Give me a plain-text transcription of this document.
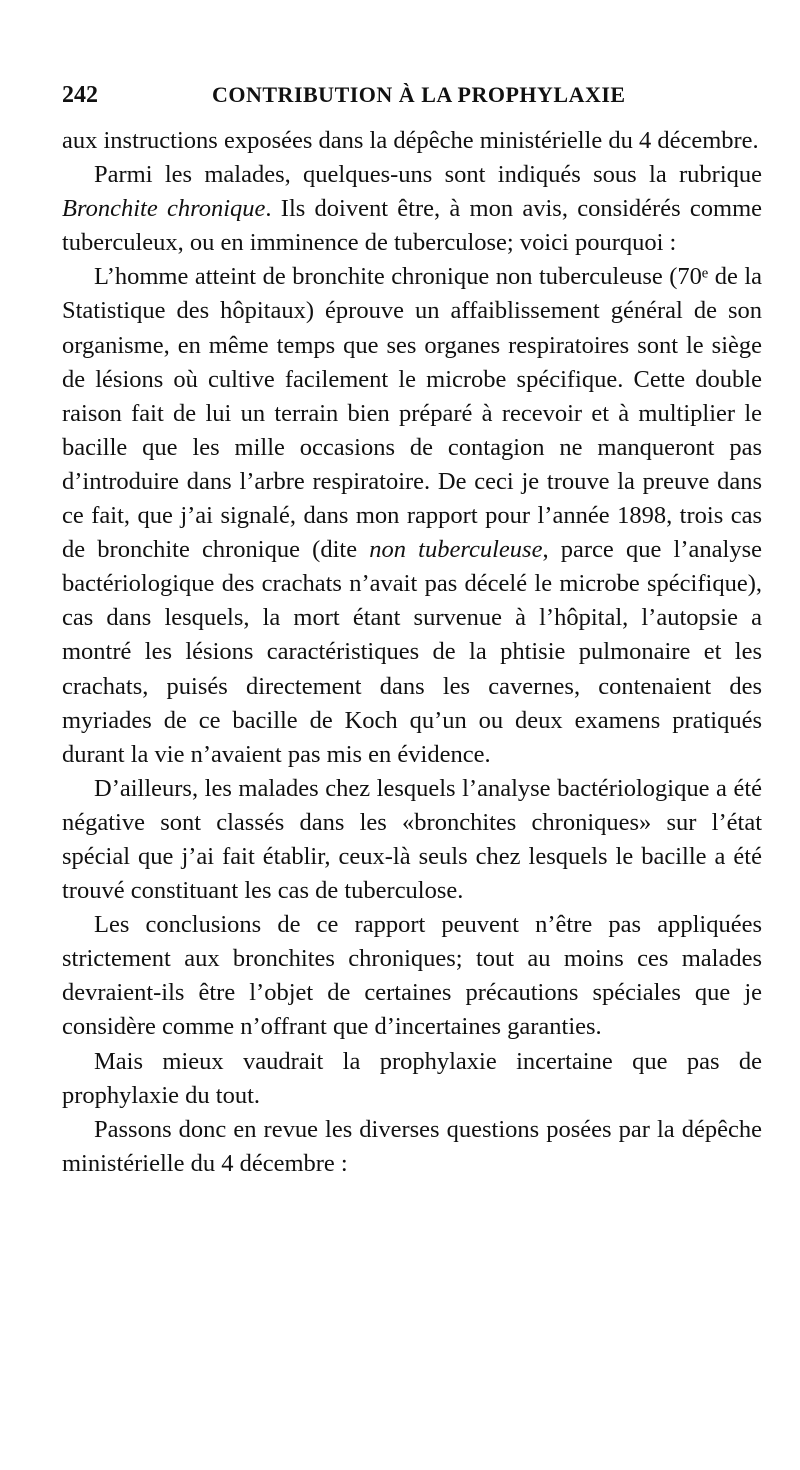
242	CONTRIBUTION À LA PROPHYLAXIE

aux instructions exposées dans la dépêche ministérielle du 4 décembre.

Parmi les malades, quelques-uns sont indiqués sous la rubrique Bronchite chronique. Ils doivent être, à mon avis, considérés comme tuberculeux, ou en imminence de tuberculose; voici pourquoi :

L’homme atteint de bronchite chronique non tuberculeuse (70ᵉ de la Statistique des hôpitaux) éprouve un affaiblissement général de son organisme, en même temps que ses organes respiratoires sont le siège de lésions où cultive facilement le microbe spécifique. Cette double raison fait de lui un terrain bien préparé à recevoir et à multiplier le bacille que les mille occasions de contagion ne manqueront pas d’introduire dans l’arbre respiratoire. De ceci je trouve la preuve dans ce fait, que j’ai signalé, dans mon rapport pour l’année 1898, trois cas de bronchite chronique (dite non tuberculeuse, parce que l’analyse bactériologique des crachats n’avait pas décelé le microbe spécifique), cas dans lesquels, la mort étant survenue à l’hôpital, l’autopsie a montré les lésions caractéristiques de la phtisie pulmonaire et les crachats, puisés directement dans les cavernes, contenaient des myriades de ce bacille de Koch qu’un ou deux examens pratiqués durant la vie n’avaient pas mis en évidence.

D’ailleurs, les malades chez lesquels l’analyse bactériologique a été négative sont classés dans les «bronchites chroniques» sur l’état spécial que j’ai fait établir, ceux-là seuls chez lesquels le bacille a été trouvé constituant les cas de tuberculose.

Les conclusions de ce rapport peuvent n’être pas appliquées strictement aux bronchites chroniques; tout au moins ces malades devraient-ils être l’objet de certaines précautions spéciales que je considère comme n’offrant que d’incertaines garanties.

Mais mieux vaudrait la prophylaxie incertaine que pas de prophylaxie du tout.

Passons donc en revue les diverses questions posées par la dépêche ministérielle du 4 décembre :
